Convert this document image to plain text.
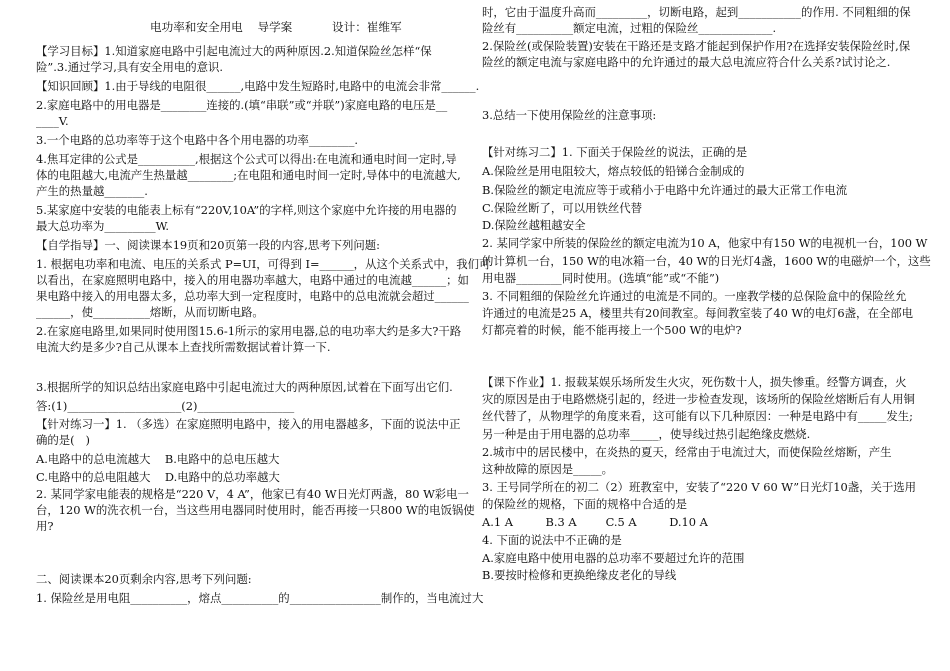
电功率和安全用电    导学案	设计：崔维军
【学习目标】1.知道家庭电路中引起电流过大的两种原因.2.知道保险丝怎样“保
险”.3.通过学习,具有安全用电的意识.
【知识回顾】1.由于导线的电阻很______,电路中发生短路时,电路中的电流会非常______.
2.家庭电路中的用电器是________连接的.(填“串联”或“并联”)家庭电路的电压是__
____V.
3.一个电路的总功率等于这个电路中各个用电器的功率________.
4.焦耳定律的公式是__________,根据这个公式可以得出:在电流和通电时间一定时,导
体的电阻越大,电流产生热量越________;在电阻和通电时间一定时,导体中的电流越大,
产生的热量越_______.
5.某家庭中安装的电能表上标有“220V,10A”的字样,则这个家庭中允许接的用电器的
最大总功率为_________W.
【自学指导】一、阅读课本19页和20页第一段的内容,思考下列问题:
1. 根据电功率和电流、电压的关系式 P=UI，可得到 I=______，从这个关系式中，我们可
以看出，在家庭照明电路中，接入的用电器功率越大，电路中通过的电流越______；如
果电路中接入的用电器太多，总功率大到一定程度时，电路中的总电流就会超过______
______，使__________熔断，从而切断电路。
2.在家庭电路里,如果同时使用图15.6-1所示的家用电器,总的电功率大约是多大?干路
电流大约是多少?自己从课本上查找所需数据试着计算一下.
3.根据所学的知识总结出家庭电路中引起电流过大的两种原因,试着在下面写出它们.
答:(1)____________________(2)_________________
【针对练习一】1. （多选）在家庭照明电路中，接入的用电器越多，下面的说法中正
确的是(   )
A.电路中的总电流越大    B.电路中的总电压越大
C.电路中的总电阻越大    D.电路中的总功率越大
2. 某同学家电能表的规格是“220 V，4 A”，他家已有40 W日光灯两盏，80 W彩电一
台，120 W的洗衣机一台，当这些用电器同时使用时，能否再接一只800 W的电饭锅使
用?
二、阅读课本20页剩余内容,思考下列问题:
1. 保险丝是用电阻__________，熔点__________的________________制作的，当电流过大
时，它由于温度升高而_________，切断电路，起到___________的作用. 不同粗细的保
险丝有__________额定电流，过粗的保险丝_____________.
2.保险丝(或保险装置)安装在干路还是支路才能起到保护作用?在选择安装保险丝时,保
险丝的额定电流与家庭电路中的允许通过的最大总电流应符合什么关系?试讨论之.
3.总结一下使用保险丝的注意事项:
【针对练习二】1. 下面关于保险丝的说法，正确的是
A.保险丝是用电阻较大，熔点较低的铅锑合金制成的
B.保险丝的额定电流应等于或稍小于电路中允许通过的最大正常工作电流
C.保险丝断了，可以用铁丝代替
D.保险丝越粗越安全
2. 某同学家中所装的保险丝的额定电流为10 A，他家中有150 W的电视机一台，100 W
的计算机一台，150 W的电冰箱一台，40 W的日光灯4盏，1600 W的电磁炉一个，这些
用电器________同时使用。(选填“能”或“不能”)
3. 不同粗细的保险丝允许通过的电流是不同的。一座教学楼的总保险盒中的保险丝允
许通过的电流是25 A，楼里共有20间教室。每间教室装了40 W的电灯6盏，在全部电
灯都亮着的时候，能不能再接上一个500 W的电炉?
【课下作业】1. 报载某娱乐场所发生火灾，死伤数十人，损失惨重。经警方调查，火
灾的原因是由于电路燃烧引起的，经进一步检查发现，该场所的保险丝熔断后有人用铜
丝代替了，从物理学的角度来看，这可能有以下几种原因：一种是电路中有_____发生;
另一种是由于用电器的总功率_____，使导线过热引起绝缘皮燃烧.
2.城市中的居民楼中，在炎热的夏天，经常由于电流过大，而使保险丝熔断，产生
这种故障的原因是_____。
3. 王号同学所在的初二（2）班教室中，安装了“220 V 60 W”日光灯10盏，关于选用
的保险丝的规格，下面的规格中合适的是
A.1 A         B.3 A        C.5 A         D.10 A
4. 下面的说法中不正确的是
A.家庭电路中使用电器的总功率不要超过允许的范围
B.要按时检修和更换绝缘皮老化的导线
